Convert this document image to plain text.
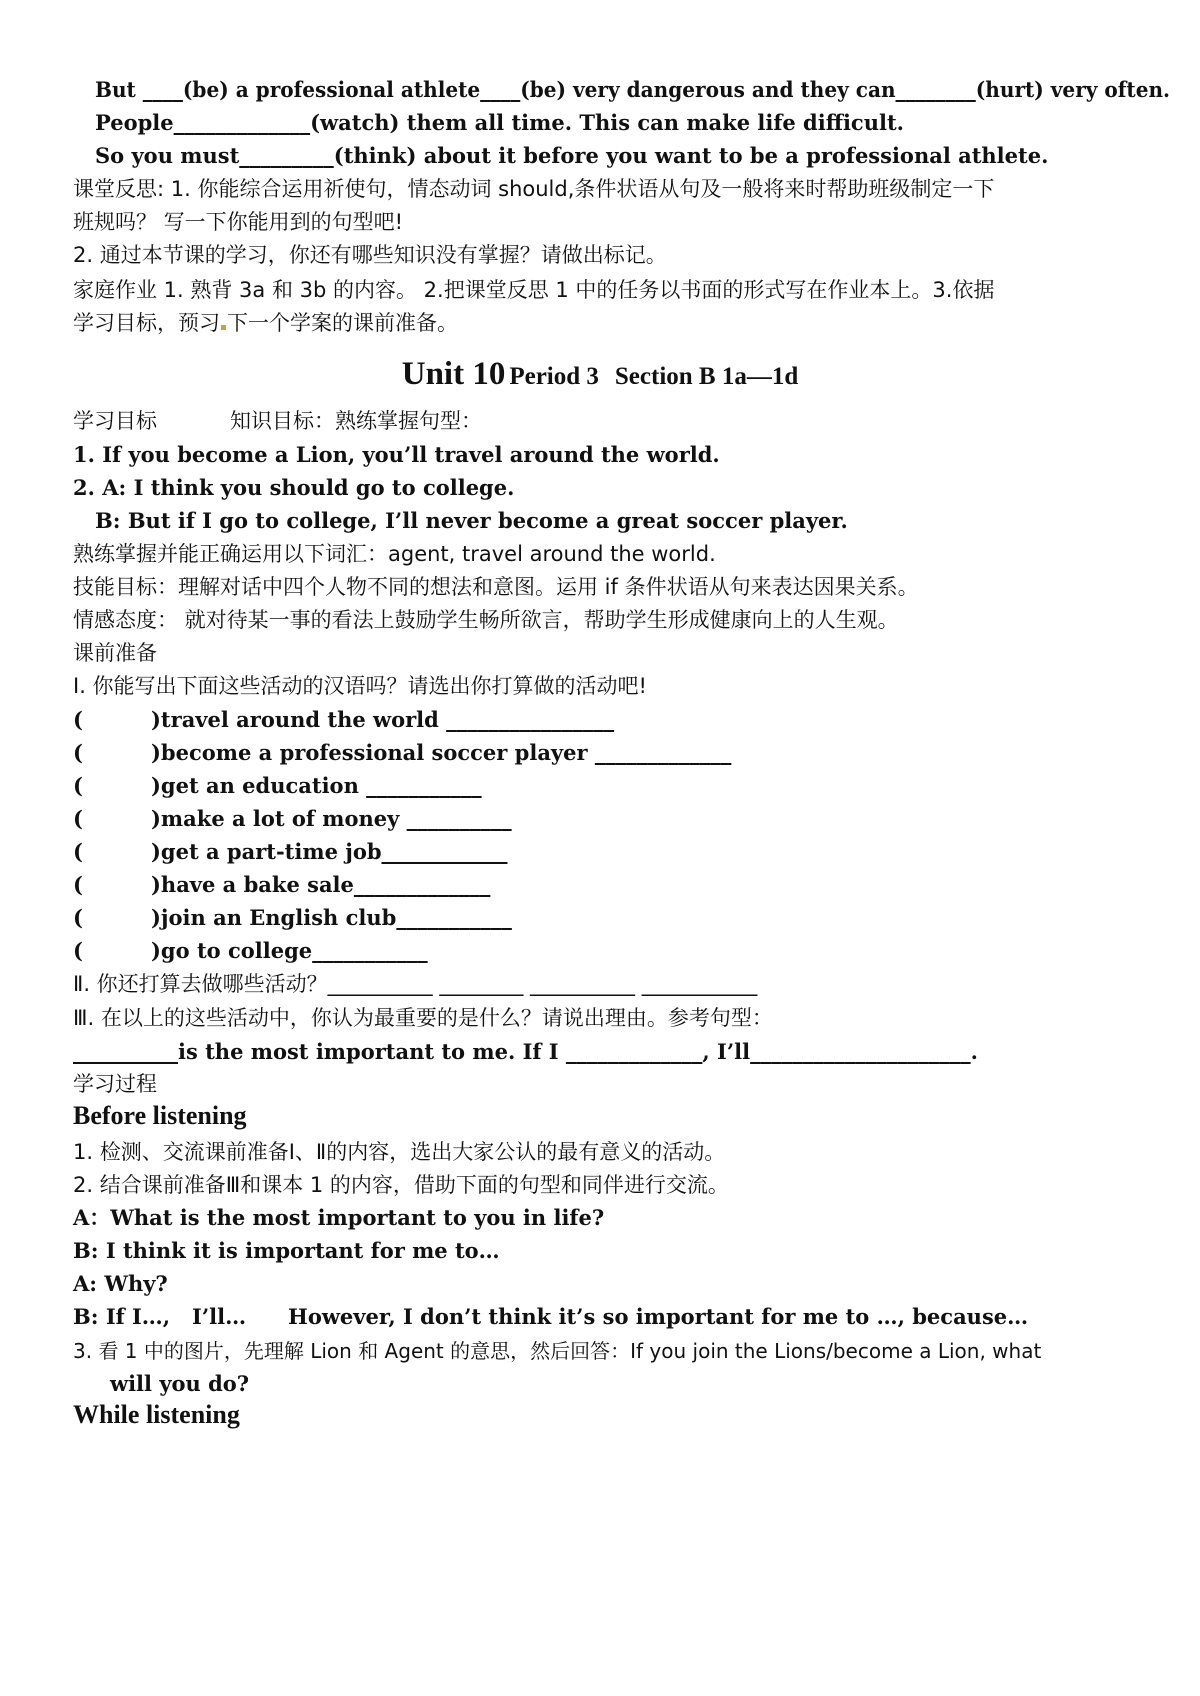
But ____(be) a professional athlete____(be) very dangerous and they can________(hurt) very often.
People_____________(watch) them all time. This can make life difficult.
So you must_________(think) about it before you want to be a professional athlete.
课堂反思: 1. 你能综合运用祈使句，情态动词 should,条件状语从句及一般将来时帮助班级制定一下
班规吗？ 写一下你能用到的句型吧!
2. 通过本节课的学习，你还有哪些知识没有掌握？请做出标记。
家庭作业 1. 熟背 3a 和 3b 的内容。 2.把课堂反思 1 中的任务以书面的形式写在作业本上。3.依据
学习目标，预习 下一个学案的课前准备。
Unit 10 Period 3 Section B 1a—1d
学习目标	知识目标：熟练掌握句型：
1. If you become a Lion, you’ll travel around the world.
2. A: I think you should go to college.
B: But if I go to college, I’ll never become a great soccer player.
熟练掌握并能正确运用以下词汇：agent, travel around the world.
技能目标：理解对话中四个人物不同的想法和意图。运用 if 条件状语从句来表达因果关系。
情感态度： 就对待某一事的看法上鼓励学生畅所欲言，帮助学生形成健康向上的人生观。
课前准备
Ⅰ. 你能写出下面这些活动的汉语吗？请选出你打算做的活动吧!
(	)travel around the world ________________
(	)become a professional soccer player _____________
(	)get an education ___________
(	)make a lot of money __________
(	)get a part-time job____________
(	)have a bake sale_____________
(	)join an English club___________
(	)go to college___________
Ⅱ. 你还打算去做哪些活动？__________ ________ __________ ___________
Ⅲ. 在以上的这些活动中，你认为最重要的是什么？请说出理由。参考句型：
__________is the most important to me. If I _____________, I’ll_____________________.
学习过程
Before listening
1. 检测、交流课前准备Ⅰ、Ⅱ的内容，选出大家公认的最有意义的活动。
2. 结合课前准备Ⅲ和课本 1 的内容，借助下面的句型和同伴进行交流。
A：What is the most important to you in life?
B: I think it is important for me to…
A: Why?
B: If I…, I’ll… However, I don’t think it’s so important for me to …, because…
3. 看 1 中的图片，先理解 Lion 和 Agent 的意思，然后回答：If you join the Lions/become a Lion, what
will you do?
While listening
